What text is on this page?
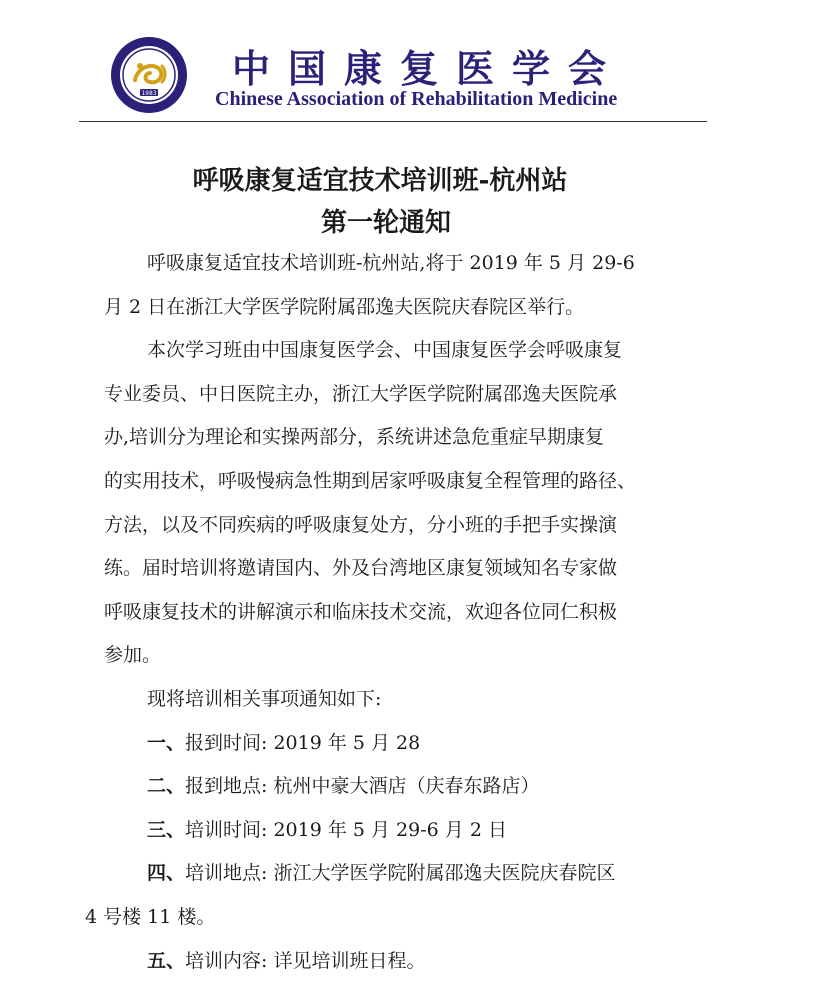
1983
中国康复医学会
Chinese Association of Rehabilitation Medicine
呼吸康复适宜技术培训班-杭州站
第一轮通知
呼吸康复适宜技术培训班-杭州站,将于 2019 年 5 月 29-6
月 2 日在浙江大学医学院附属邵逸夫医院庆春院区举行。
本次学习班由中国康复医学会、中国康复医学会呼吸康复
专业委员、中日医院主办，浙江大学医学院附属邵逸夫医院承
办,培训分为理论和实操两部分，系统讲述急危重症早期康复
的实用技术，呼吸慢病急性期到居家呼吸康复全程管理的路径、
方法，以及不同疾病的呼吸康复处方，分小班的手把手实操演
练。届时培训将邀请国内、外及台湾地区康复领域知名专家做
呼吸康复技术的讲解演示和临床技术交流，欢迎各位同仁积极
参加。
现将培训相关事项通知如下:
一、报到时间: 2019 年 5 月 28
二、报到地点: 杭州中豪大酒店（庆春东路店）
三、培训时间: 2019 年 5 月 29-6 月 2 日
四、培训地点: 浙江大学医学院附属邵逸夫医院庆春院区
4 号楼 11 楼。
五、培训内容: 详见培训班日程。
